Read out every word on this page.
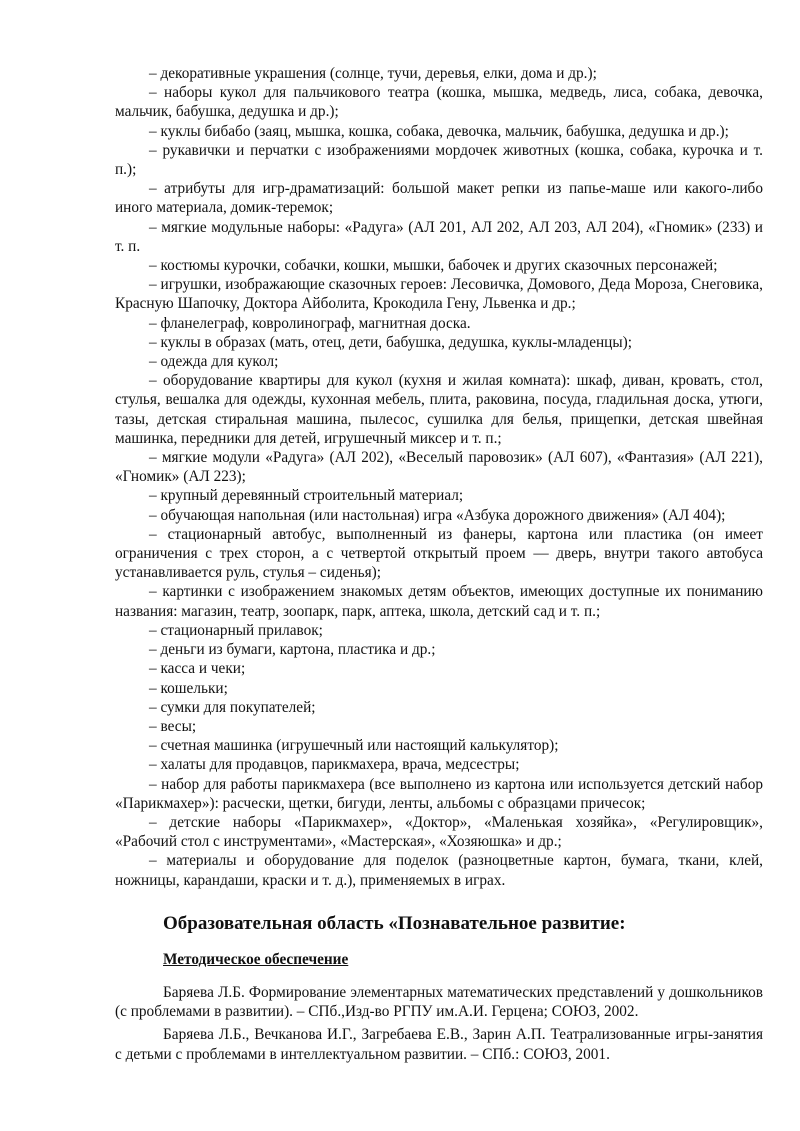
– декоративные украшения (солнце, тучи, деревья, елки, дома и др.);

– наборы кукол для пальчикового театра (кошка, мышка, медведь, лиса, собака, девочка, мальчик, бабушка, дедушка и др.);

– куклы бибабо (заяц, мышка, кошка, собака, девочка, мальчик, бабушка, дедушка и др.);

– рукавички и перчатки с изображениями мордочек животных (кошка, собака, курочка и т. п.);

– атрибуты для игр-драматизаций: большой макет репки из папье-маше или какого-либо иного материала, домик-теремок;

– мягкие модульные наборы: «Радуга» (АЛ 201, АЛ 202, АЛ 203, АЛ 204), «Гномик» (233) и т. п.

– костюмы курочки, собачки, кошки, мышки, бабочек и других сказочных персонажей;

– игрушки, изображающие сказочных героев: Лесовичка, Домового, Деда Мороза, Снеговика, Красную Шапочку, Доктора Айболита, Крокодила Гену, Львенка и др.;

– фланелеграф, ковролинограф, магнитная доска.

– куклы в образах (мать, отец, дети, бабушка, дедушка, куклы-младенцы);

– одежда для кукол;

– оборудование квартиры для кукол (кухня и жилая комната): шкаф, диван, кровать, стол, стулья, вешалка для одежды, кухонная мебель, плита, раковина, посуда, гладильная доска, утюги, тазы, детская стиральная машина, пылесос, сушилка для белья, прищепки, детская швейная машинка, передники для детей, игрушечный миксер и т. п.;

– мягкие модули «Радуга» (АЛ 202), «Веселый паровозик» (АЛ 607), «Фантазия» (АЛ 221), «Гномик» (АЛ 223);

– крупный деревянный строительный материал;

– обучающая напольная (или настольная) игра «Азбука дорожного движения» (АЛ 404);

– стационарный автобус, выполненный из фанеры, картона или пластика (он имеет ограничения с трех сторон, а с четвертой открытый проем — дверь, внутри такого автобуса устанавливается руль, стулья – сиденья);

– картинки с изображением знакомых детям объектов, имеющих доступные их пониманию названия: магазин, театр, зоопарк, парк, аптека, школа, детский сад и т. п.;

– стационарный прилавок;

– деньги из бумаги, картона, пластика и др.;

– касса и чеки;

– кошельки;

– сумки для покупателей;

– весы;

– счетная машинка (игрушечный или настоящий калькулятор);

– халаты для продавцов, парикмахера, врача, медсестры;

– набор для работы парикмахера (все выполнено из картона или используется детский набор «Парикмахер»): расчески, щетки, бигуди, ленты, альбомы с образцами причесок;

– детские наборы «Парикмахер», «Доктор», «Маленькая хозяйка», «Регулировщик», «Рабочий стол с инструментами», «Мастерская», «Хозяюшка» и др.;

– материалы и оборудование для поделок (разноцветные картон, бумага, ткани, клей, ножницы, карандаши, краски и т. д.), применяемых в играх.

Образовательная область «Познавательное развитие:
Методическое обеспечение

Баряева Л.Б. Формирование элементарных математических представлений у дошкольников (с проблемами в развитии). – СПб.,Изд-во РГПУ им.А.И. Герцена; СОЮЗ, 2002.

Баряева Л.Б., Вечканова И.Г., Загребаева Е.В., Зарин А.П. Театрализованные игры-занятия с детьми с проблемами в интеллектуальном развитии. – СПб.: СОЮЗ, 2001.
